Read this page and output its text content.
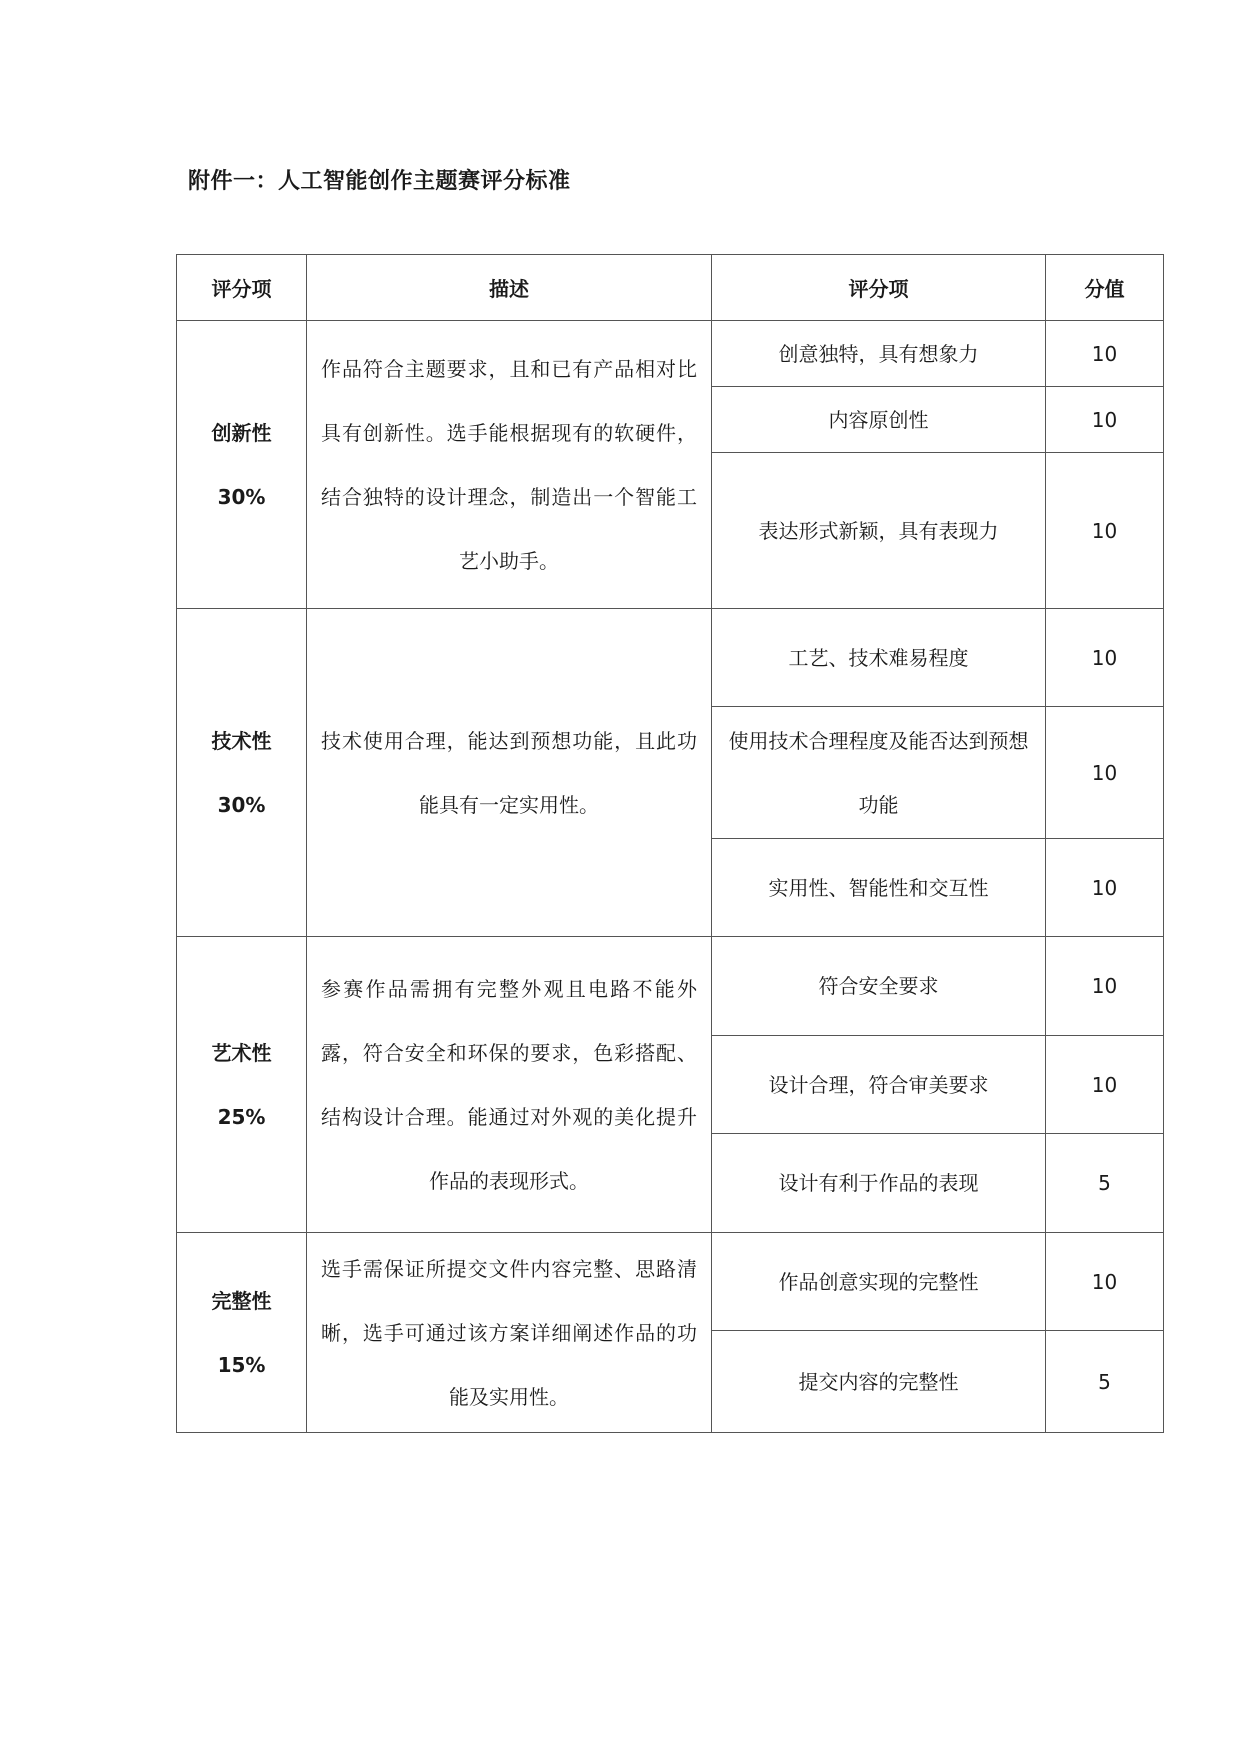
附件一：人工智能创作主题赛评分标准
评分项	描述	评分项	分值

创新性
30%	作品符合主题要求，且和已有产品相对比具有创新性。选手能根据现有的软硬件，结合独特的设计理念，制造出一个智能工艺小助手。	创意独特，具有想象力	10
		内容原创性	10
		表达形式新颖，具有表现力	10

技术性
30%	技术使用合理，能达到预想功能，且此功能具有一定实用性。	工艺、技术难易程度	10
		使用技术合理程度及能否达到预想功能	10
		实用性、智能性和交互性	10

艺术性
25%	参赛作品需拥有完整外观且电路不能外露，符合安全和环保的要求，色彩搭配、结构设计合理。能通过对外观的美化提升作品的表现形式。	符合安全要求	10
		设计合理，符合审美要求	10
		设计有利于作品的表现	5

完整性
15%	选手需保证所提交文件内容完整、思路清晰，选手可通过该方案详细阐述作品的功能及实用性。	作品创意实现的完整性	10
		提交内容的完整性	5
